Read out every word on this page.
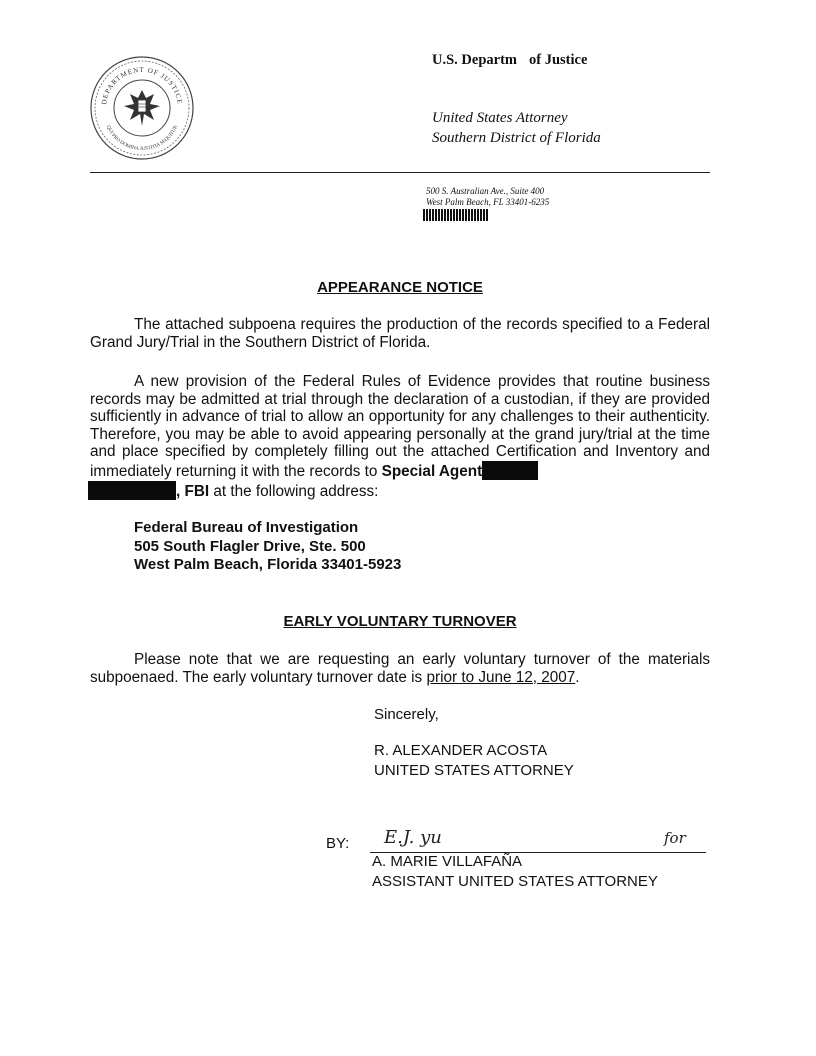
DEPARTMENT OF JUSTICE
QUI PRO DOMINA JUSTITIA SEQUITUR
U.S. Departm of Justice
United States Attorney
Southern District of Florida
500 S. Australian Ave., Suite 400
West Palm Beach, FL 33401-6235
APPEARANCE NOTICE
The attached subpoena requires the production of the records specified to a Federal Grand Jury/Trial in the Southern District of Florida.
A new provision of the Federal Rules of Evidence provides that routine business records may be admitted at trial through the declaration of a custodian, if they are provided sufficiently in advance of trial to allow an opportunity for any challenges to their authenticity. Therefore, you may be able to avoid appearing personally at the grand jury/trial at the time and place specified by completely filling out the attached Certification and Inventory and immediately returning it with the records to Special Agent
, FBI at the following address:
Federal Bureau of Investigation
505 South Flagler Drive, Ste. 500
West Palm Beach, Florida 33401-5923
EARLY VOLUNTARY TURNOVER
Please note that we are requesting an early voluntary turnover of the materials subpoenaed. The early voluntary turnover date is prior to June 12, 2007.
Sincerely,
R. ALEXANDER ACOSTA
UNITED STATES ATTORNEY
BY: E.J. yu	for
A. MARIE VILLAFAÑA
ASSISTANT UNITED STATES ATTORNEY
